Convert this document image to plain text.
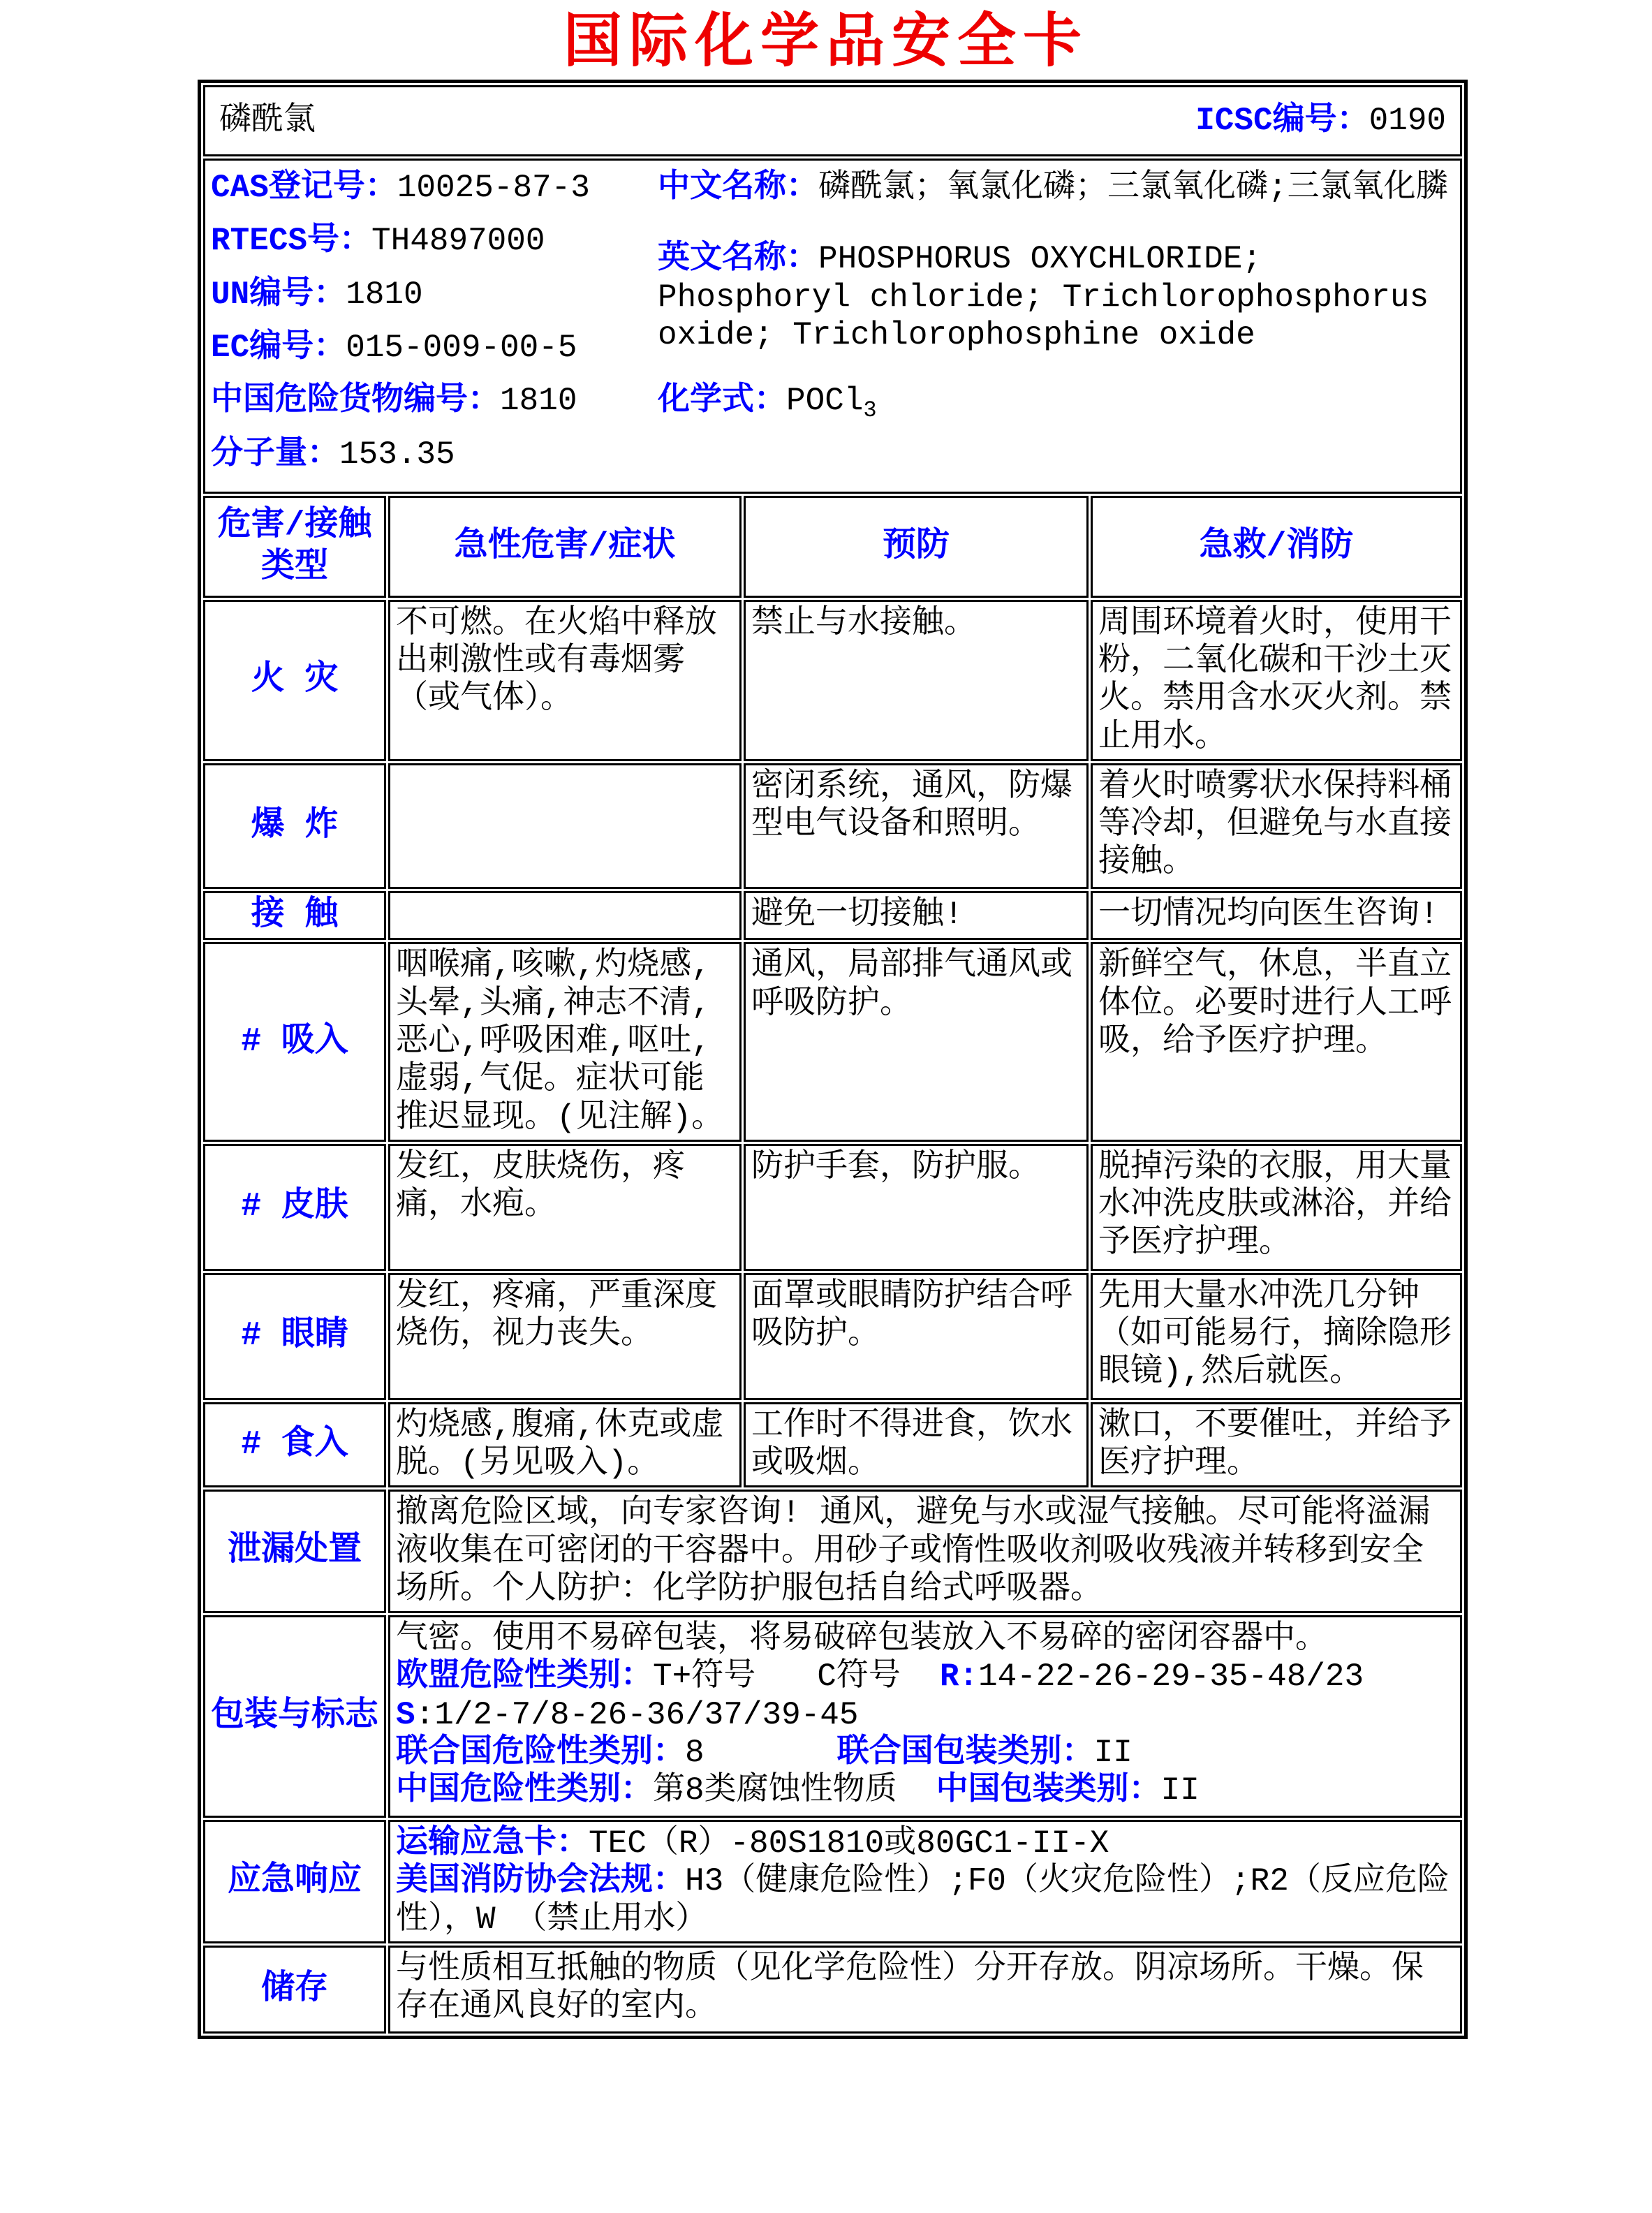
国际化学品安全卡
磷酰氯 ICSC编号：0190			

CAS登记号：10025-87-3
RTECS号：TH4897000
UN编号：1810
EC编号：015-009-00-5
中国危险货物编号：1810
分子量：153.35

中文名称：磷酰氯；氧氯化磷；三氯氧化磷;三氯氧化膦

英文名称：PHOSPHORUS OXYCHLORIDE; Phosphoryl chloride; Trichlorophosphorus oxide; Trichlorophosphine oxide

化学式：POCl$_3$

危害/接触
类型	急性危害/症状	预防	急救/消防
火 灾	不可燃。在火焰中释放出刺激性或有毒烟雾（或气体）。	禁止与水接触。	周围环境着火时，使用干粉，二氧化碳和干沙土灭火。禁用含水灭火剂。禁止用水。
爆 炸		密闭系统，通风，防爆型电气设备和照明。	着火时喷雾状水保持料桶等冷却，但避免与水直接接触。
接 触		避免一切接触!	一切情况均向医生咨询!
# 吸入	咽喉痛,咳嗽,灼烧感,头晕,头痛,神志不清,恶心,呼吸困难,呕吐,虚弱,气促。症状可能推迟显现。(见注解)。	通风，局部排气通风或呼吸防护。	新鲜空气，休息，半直立体位。必要时进行人工呼吸，给予医疗护理。
# 皮肤	发红，皮肤烧伤，疼痛，水疱。	防护手套，防护服。	脱掉污染的衣服，用大量水冲洗皮肤或淋浴，并给予医疗护理。
# 眼睛	发红，疼痛，严重深度烧伤，视力丧失。	面罩或眼睛防护结合呼吸防护。	先用大量水冲洗几分钟（如可能易行，摘除隐形眼镜),然后就医。
# 食入	灼烧感,腹痛,休克或虚脱。(另见吸入)。	工作时不得进食，饮水或吸烟。	漱口，不要催吐，并给予医疗护理。
泄漏处置	撤离危险区域，向专家咨询! 通风，避免与水或湿气接触。尽可能将溢漏液收集在可密闭的干容器中。用砂子或惰性吸收剂吸收残液并转移到安全场所。个人防护：化学防护服包括自给式呼吸器。		
包装与标志	气密。使用不易碎包装，将易破碎包装放入不易碎的密闭容器中。
欧盟危险性类别：T+符号 C符号 R:14-22-26-29-35-48/23
S:1/2-7/8-26-36/37/39-45
联合国危险性类别：8 联合国包装类别：II
中国危险性类别：第8类腐蚀性物质 中国包装类别：II		

应急响应	运输应急卡：TEC（R）-80S1810或80GC1-II-X
美国消防协会法规：H3（健康危险性）;F0（火灾危险性）;R2（反应危险性），W （禁止用水）		

储存	与性质相互抵触的物质（见化学危险性）分开存放。阴凉场所。干燥。保存在通风良好的室内。		
